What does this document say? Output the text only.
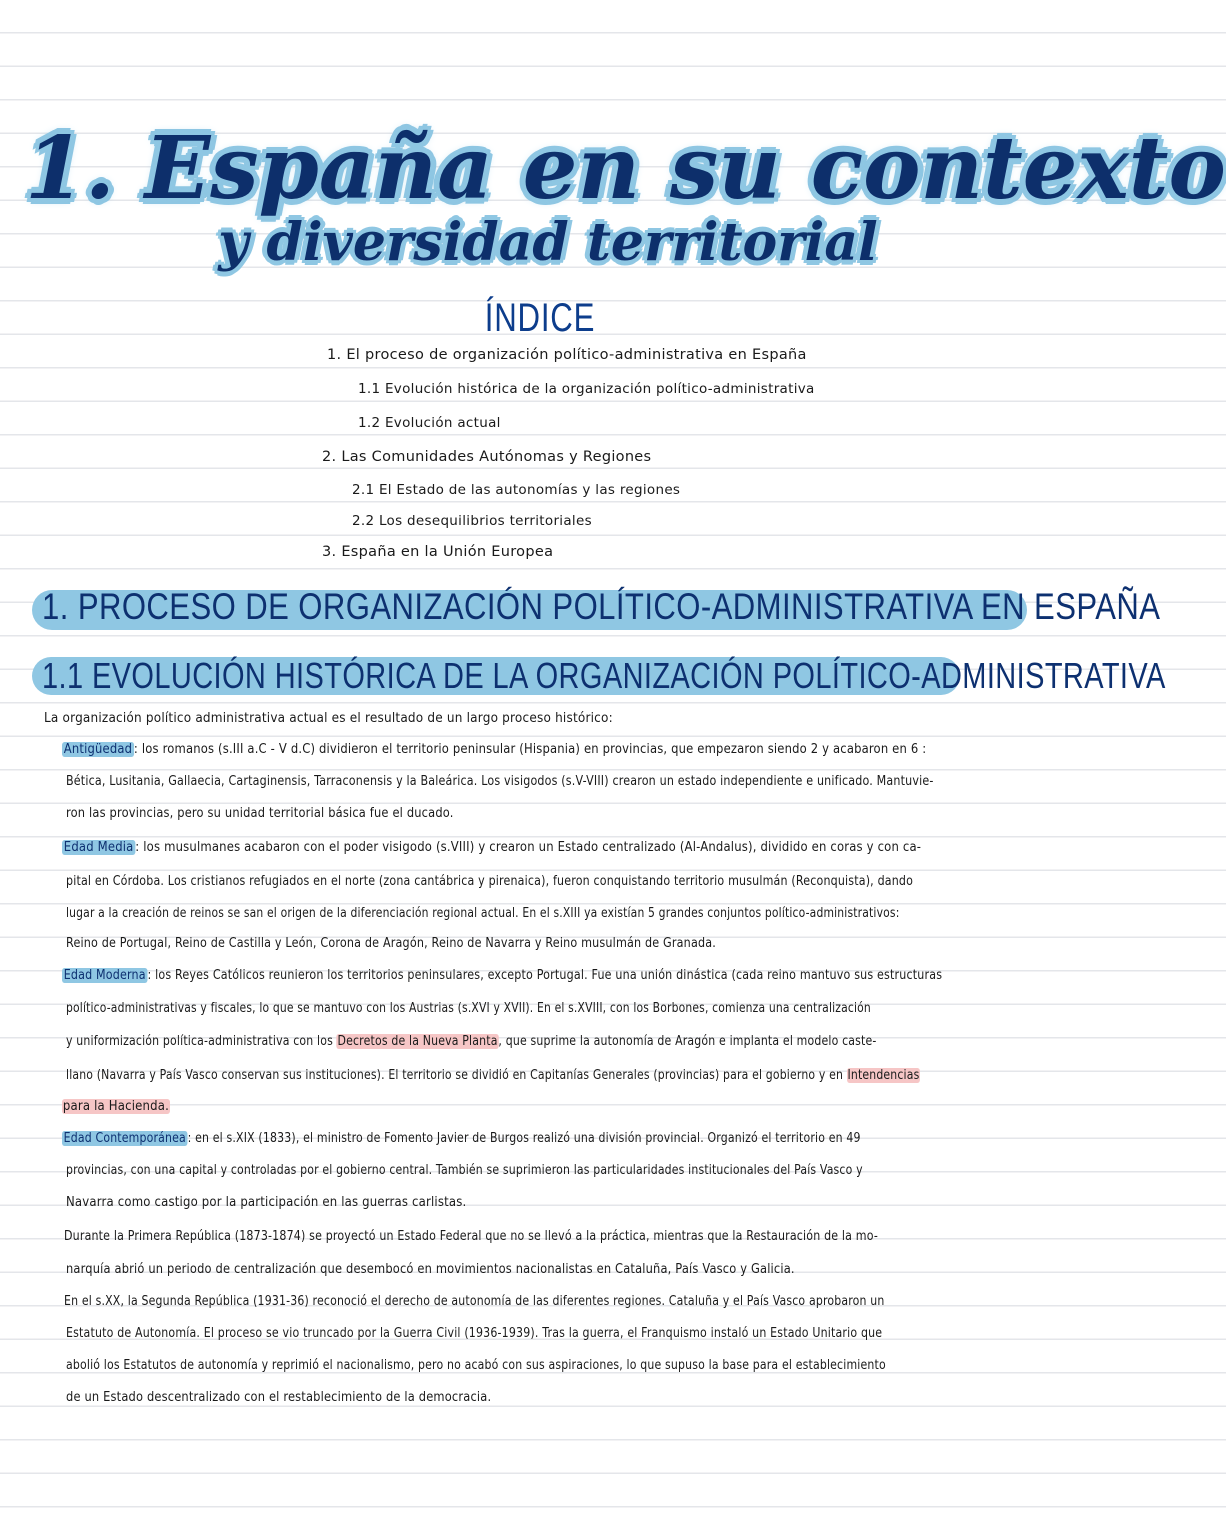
1. España en su contexto
y diversidad territorial
ÍNDICE
1. El proceso de organización político-administrativa en España
1.1 Evolución histórica de la organización político-administrativa
1.2 Evolución actual
2. Las Comunidades Autónomas y Regiones
2.1 El Estado de las autonomías y las regiones
2.2 Los desequilibrios territoriales
3. España en la Unión Europea
1. PROCESO DE ORGANIZACIÓN POLÍTICO-ADMINISTRATIVA EN ESPAÑA
1.1 EVOLUCIÓN HISTÓRICA DE LA ORGANIZACIÓN POLÍTICO-ADMINISTRATIVA
La organización político administrativa actual es el resultado de un largo proceso histórico:
Antigüedad : los romanos (s.III a.C - V d.C) dividieron el territorio peninsular (Hispania) en provincias, que empezaron siendo 2 y acabaron en 6 :
Bética, Lusitania, Gallaecia, Cartaginensis, Tarraconensis y la Baleárica. Los visigodos (s.V-VIII) crearon un estado independiente e unificado. Mantuvie-
ron las provincias, pero su unidad territorial básica fue el ducado.
Edad Media : los musulmanes acabaron con el poder visigodo (s.VIII) y crearon un Estado centralizado (Al-Andalus), dividido en coras y con ca-
pital en Córdoba. Los cristianos refugiados en el norte (zona cantábrica y pirenaica), fueron conquistando territorio musulmán (Reconquista), dando
lugar a la creación de reinos se san el origen de la diferenciación regional actual. En el s.XIII ya existían 5 grandes conjuntos político-administrativos:
Reino de Portugal, Reino de Castilla y León, Corona de Aragón, Reino de Navarra y Reino musulmán de Granada.
Edad Moderna : los Reyes Católicos reunieron los territorios peninsulares, excepto Portugal. Fue una unión dinástica (cada reino mantuvo sus estructuras
político-administrativas y fiscales, lo que se mantuvo con los Austrias (s.XVI y XVII). En el s.XVIII, con los Borbones, comienza una centralización
y uniformización política-administrativa con los Decretos de la Nueva Planta, que suprime la autonomía de Aragón e implanta el modelo caste-
llano (Navarra y País Vasco conservan sus instituciones). El territorio se dividió en Capitanías Generales (provincias) para el gobierno y en Intendencias
para la Hacienda.
Edad Contemporánea : en el s.XIX (1833), el ministro de Fomento Javier de Burgos realizó una división provincial. Organizó el territorio en 49
provincias, con una capital y controladas por el gobierno central. También se suprimieron las particularidades institucionales del País Vasco y
Navarra como castigo por la participación en las guerras carlistas.
Durante la Primera República (1873-1874) se proyectó un Estado Federal que no se llevó a la práctica, mientras que la Restauración de la mo-
narquía abrió un periodo de centralización que desembocó en movimientos nacionalistas en Cataluña, País Vasco y Galicia.
En el s.XX, la Segunda República (1931-36) reconoció el derecho de autonomía de las diferentes regiones. Cataluña y el País Vasco aprobaron un
Estatuto de Autonomía. El proceso se vio truncado por la Guerra Civil (1936-1939). Tras la guerra, el Franquismo instaló un Estado Unitario que
abolió los Estatutos de autonomía y reprimió el nacionalismo, pero no acabó con sus aspiraciones, lo que supuso la base para el establecimiento
de un Estado descentralizado con el restablecimiento de la democracia.
